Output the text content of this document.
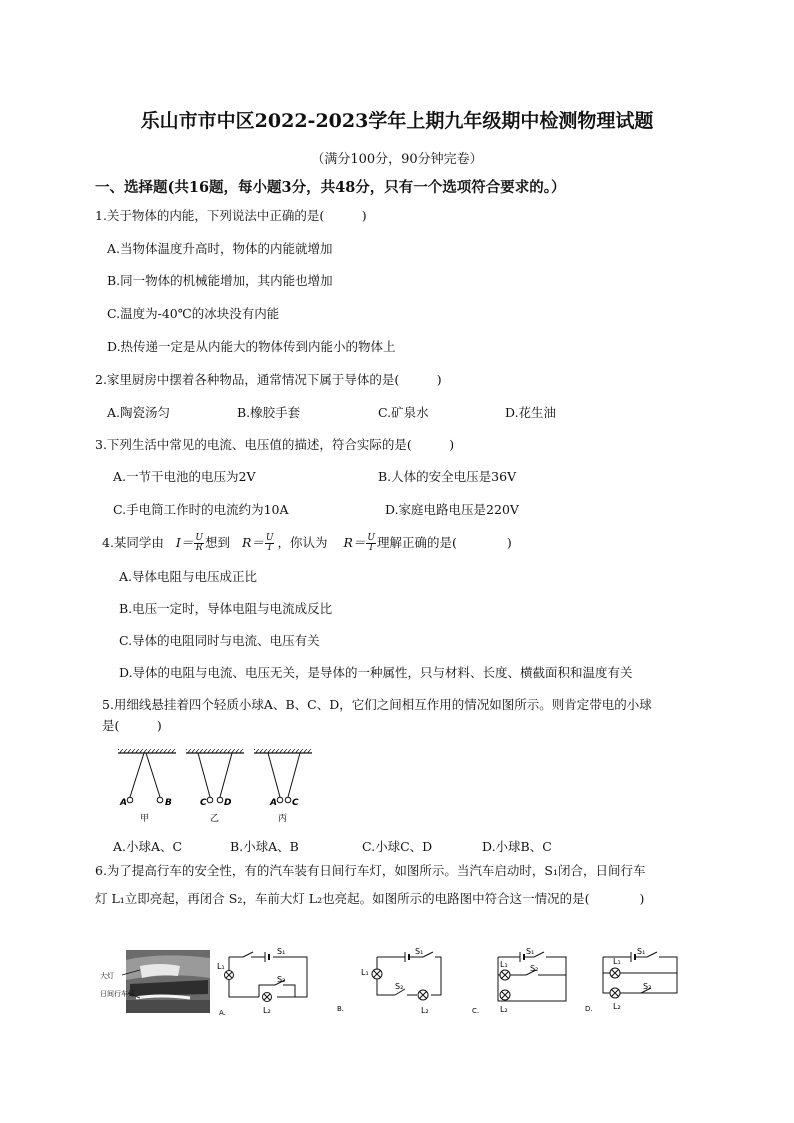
乐山市市中区2022-2023学年上期九年级期中检测物理试题
（满分100分，90分钟完卷）
一、选择题(共16题，每小题3分，共48分，只有一个选项符合要求的。）
1.关于物体的内能，下列说法中正确的是(　　　)
A.当物体温度升高时，物体的内能就增加
B.同一物体的机械能增加，其内能也增加
C.温度为-40℃的冰块没有内能
D.热传递一定是从内能大的物体传到内能小的物体上
2.家里厨房中摆着各种物品，通常情况下属于导体的是(　　　)
A.陶瓷汤匀	B.橡胶手套	C.矿泉水	D.花生油
3.下列生活中常见的电流、电压值的描述，符合实际的是(　　　)
A.一节干电池的电压为2V	B.人体的安全电压是36V
C.手电筒工作时的电流约为10A	D.家庭电路电压是220V
4.某同学由 $I= \frac{U}{R}$ 想到 $R= \frac{U}{I}$ ，你认为 $R= \frac{U}{I}$ 理解正确的是(　　　　)
A.导体电阻与电压成正比
B.电压一定时，导体电阻与电流成反比
C.导体的电阻同时与电流、电压有关
D.导体的电阻与电流、电压无关，是导体的一种属性，只与材料、长度、横截面积和温度有关
5.用细线悬挂着四个轻质小球A、B、C、D，它们之间相互作用的情况如图所示。则肯定带电的小球
是(　　　)
A	B
甲
C D
乙
A C
丙
A.小球A、C	B.小球A、B	C.小球C、D	D.小球B、C
6.为了提高行车的安全性，有的汽车装有日间行车灯，如图所示。当汽车启动时，S₁闭合，日间行车
灯 L₁立即亮起，再闭合 S₂，车前大灯 L₂也亮起。如图所示的电路图中符合这一情况的是(　　　　)
大灯
日间行车灯
S₁
S₂
L₁
L₂
A.
S₁
S₂
L₁
L₂
B.
S₁
S₂
L₁
L₂
C.
S₁
S₂
L₁
L₂
D.
